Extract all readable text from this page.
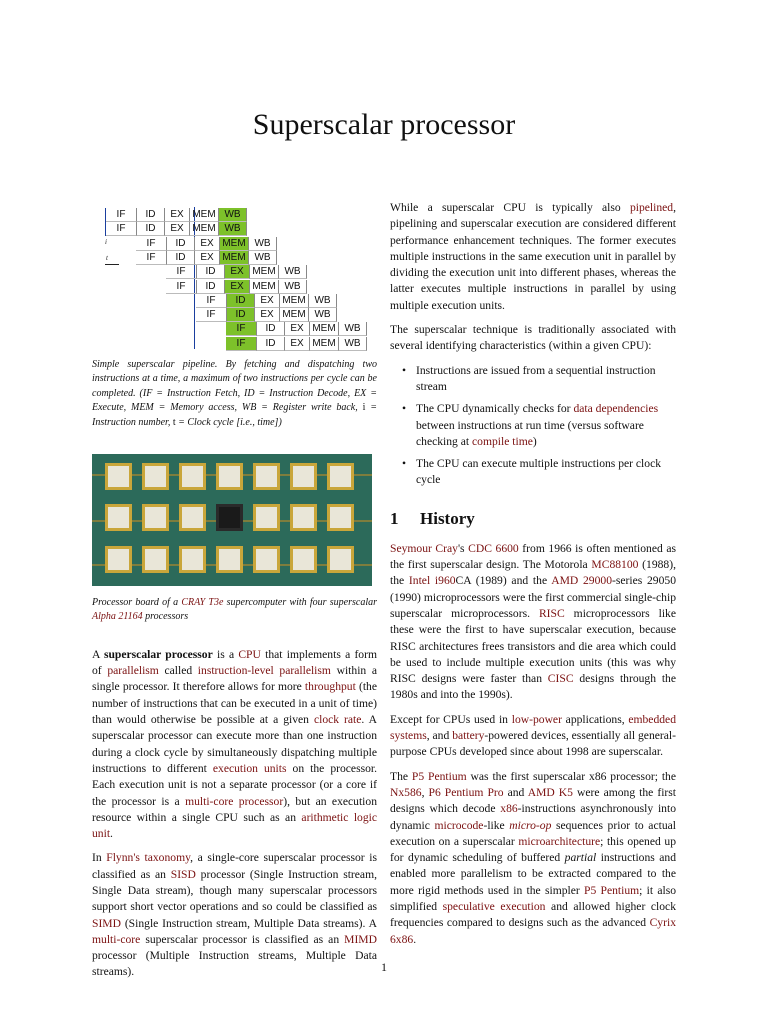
Superscalar processor
i
t
IF	ID	EX MEM WB
IF	ID	EX MEM WB
IF	ID	EX MEM WB
IF	ID	EX MEM WB
IF	ID	EX MEM WB
IF	ID	EX MEM WB
IF	ID	EX MEM WB
IF	ID	EX MEM WB
IF	ID	EX MEM WB
IF	ID	EX MEM WB

Simple superscalar pipeline. By fetching and dispatching two instructions at a time, a maximum of two instructions per cycle can be completed. (IF = Instruction Fetch, ID = Instruction Decode, EX = Execute, MEM = Memory access, WB = Register write back, i = Instruction number, t = Clock cycle [i.e., time])

Processor board of a CRAY T3e supercomputer with four superscalar Alpha 21164 processors

A superscalar processor is a CPU that implements a form of parallelism called instruction-level parallelism within a single processor. It therefore allows for more throughput (the number of instructions that can be executed in a unit of time) than would otherwise be possible at a given clock rate. A superscalar processor can execute more than one instruction during a clock cycle by simultaneously dispatching multiple instructions to different execution units on the processor. Each execution unit is not a separate processor (or a core if the processor is a multi-core processor), but an execution resource within a single CPU such as an arithmetic logic unit.

In Flynn's taxonomy, a single-core superscalar processor is classified as an SISD processor (Single Instruction stream, Single Data stream), though many superscalar processors support short vector operations and so could be classified as SIMD (Single Instruction stream, Multiple Data streams). A multi-core superscalar processor is classified as an MIMD processor (Multiple Instruction streams, Multiple Data streams).

While a superscalar CPU is typically also pipelined, pipelining and superscalar execution are considered different performance enhancement techniques. The former executes multiple instructions in the same execution unit in parallel by dividing the execution unit into different phases, whereas the latter executes multiple instructions in parallel by using multiple execution units.

The superscalar technique is traditionally associated with several identifying characteristics (within a given CPU):

• Instructions are issued from a sequential instruction stream
• The CPU dynamically checks for data dependencies between instructions at run time (versus software checking at compile time)
• The CPU can execute multiple instructions per clock cycle
1 History

Seymour Cray's CDC 6600 from 1966 is often mentioned as the first superscalar design. The Motorola MC88100 (1988), the Intel i960CA (1989) and the AMD 29000-series 29050 (1990) microprocessors were the first commercial single-chip superscalar microprocessors. RISC microprocessors like these were the first to have superscalar execution, because RISC architectures frees transistors and die area which could be used to include multiple execution units (this was why RISC designs were faster than CISC designs through the 1980s and into the 1990s).

Except for CPUs used in low-power applications, embedded systems, and battery-powered devices, essentially all general-purpose CPUs developed since about 1998 are superscalar.

The P5 Pentium was the first superscalar x86 processor; the Nx586, P6 Pentium Pro and AMD K5 were among the first designs which decode x86-instructions asynchronously into dynamic microcode-like micro-op sequences prior to actual execution on a superscalar microarchitecture; this opened up for dynamic scheduling of buffered partial instructions and enabled more parallelism to be extracted compared to the more rigid methods used in the simpler P5 Pentium; it also simplified speculative execution and allowed higher clock frequencies compared to designs such as the advanced Cyrix 6x86.

1
